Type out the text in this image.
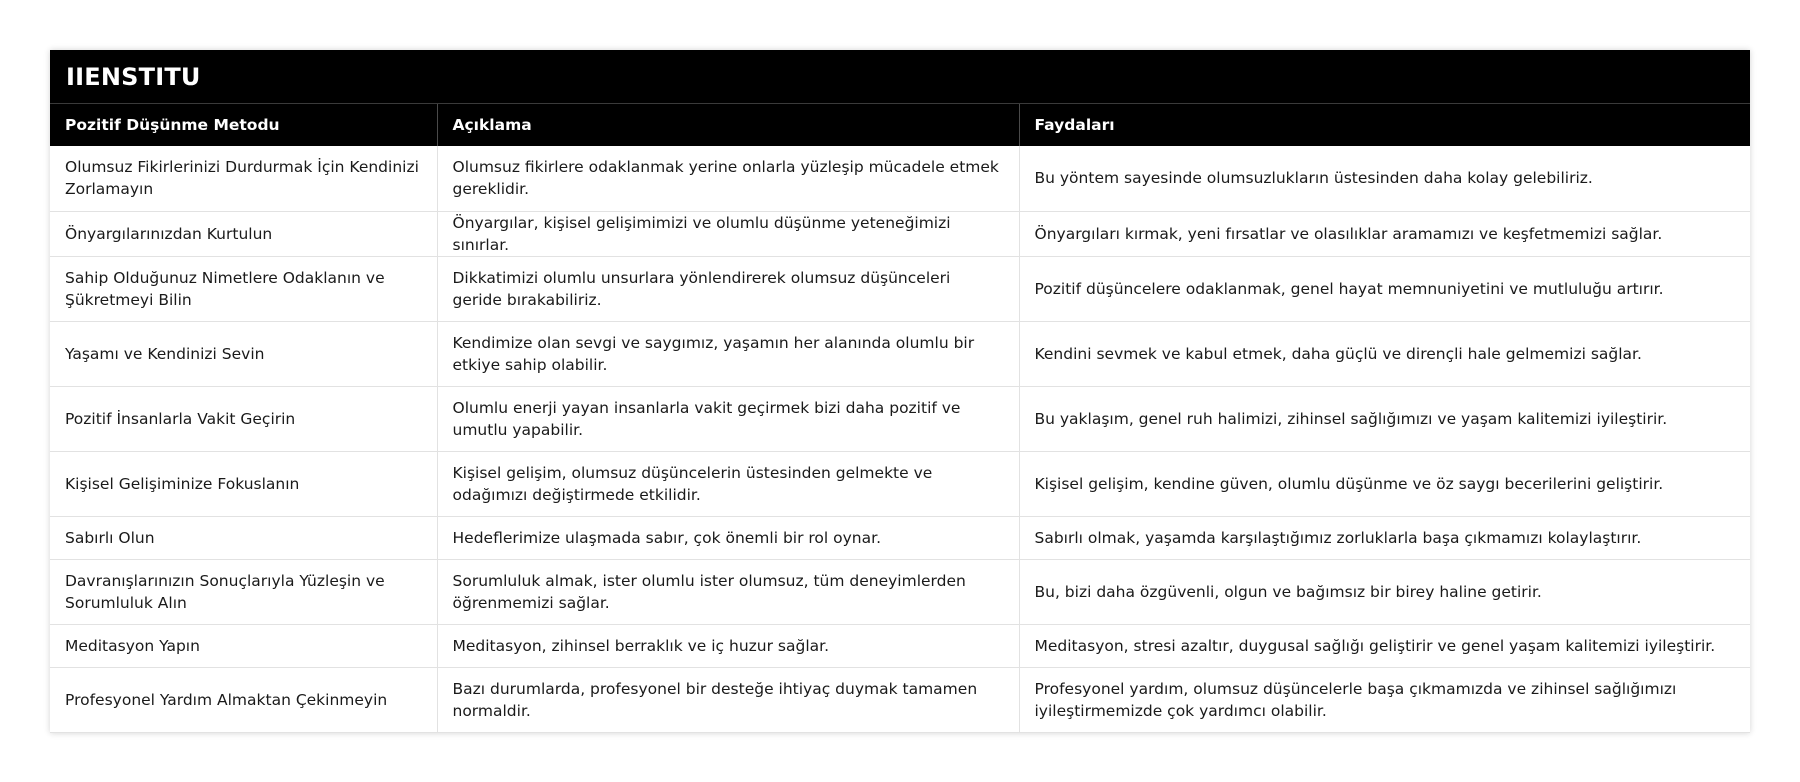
IIENSTITU
Pozitif Düşünme Metodu	Açıklama	Faydaları
Olumsuz Fikirlerinizi Durdurmak İçin Kendinizi Zorlamayın	Olumsuz fikirlere odaklanmak yerine onlarla yüzleşip mücadele etmek gereklidir.	Bu yöntem sayesinde olumsuzlukların üstesinden daha kolay gelebiliriz.
Önyargılarınızdan Kurtulun	Önyargılar, kişisel gelişimimizi ve olumlu düşünme yeteneğimizi sınırlar.	Önyargıları kırmak, yeni fırsatlar ve olasılıklar aramamızı ve keşfetmemizi sağlar.
Sahip Olduğunuz Nimetlere Odaklanın ve Şükretmeyi Bilin	Dikkatimizi olumlu unsurlara yönlendirerek olumsuz düşünceleri geride bırakabiliriz.	Pozitif düşüncelere odaklanmak, genel hayat memnuniyetini ve mutluluğu artırır.
Yaşamı ve Kendinizi Sevin	Kendimize olan sevgi ve saygımız, yaşamın her alanında olumlu bir etkiye sahip olabilir.	Kendini sevmek ve kabul etmek, daha güçlü ve dirençli hale gelmemizi sağlar.
Pozitif İnsanlarla Vakit Geçirin	Olumlu enerji yayan insanlarla vakit geçirmek bizi daha pozitif ve umutlu yapabilir.	Bu yaklaşım, genel ruh halimizi, zihinsel sağlığımızı ve yaşam kalitemizi iyileştirir.
Kişisel Gelişiminize Fokuslanın	Kişisel gelişim, olumsuz düşüncelerin üstesinden gelmekte ve odağımızı değiştirmede etkilidir.	Kişisel gelişim, kendine güven, olumlu düşünme ve öz saygı becerilerini geliştirir.
Sabırlı Olun	Hedeflerimize ulaşmada sabır, çok önemli bir rol oynar.	Sabırlı olmak, yaşamda karşılaştığımız zorluklarla başa çıkmamızı kolaylaştırır.
Davranışlarınızın Sonuçlarıyla Yüzleşin ve Sorumluluk Alın	Sorumluluk almak, ister olumlu ister olumsuz, tüm deneyimlerden öğrenmemizi sağlar.	Bu, bizi daha özgüvenli, olgun ve bağımsız bir birey haline getirir.
Meditasyon Yapın	Meditasyon, zihinsel berraklık ve iç huzur sağlar.	Meditasyon, stresi azaltır, duygusal sağlığı geliştirir ve genel yaşam kalitemizi iyileştirir.
Profesyonel Yardım Almaktan Çekinmeyin	Bazı durumlarda, profesyonel bir desteğe ihtiyaç duymak tamamen normaldir.	Profesyonel yardım, olumsuz düşüncelerle başa çıkmamızda ve zihinsel sağlığımızı iyileştirmemizde çok yardımcı olabilir.
